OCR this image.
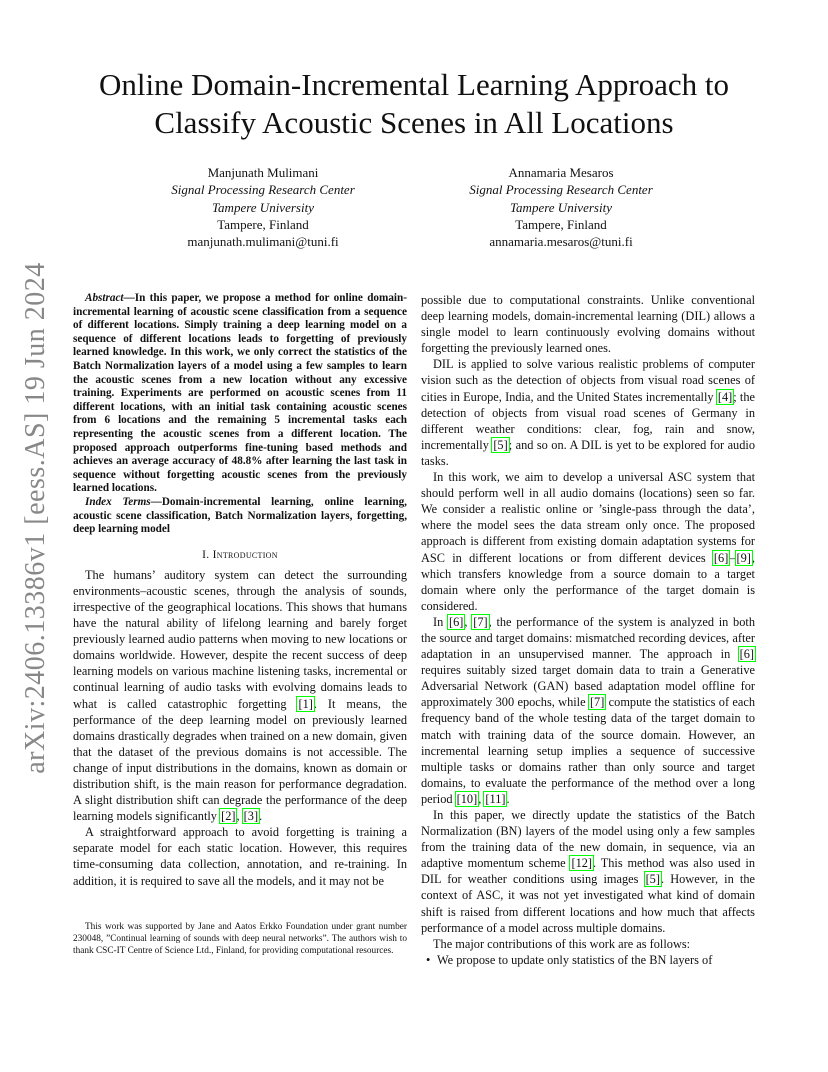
arXiv:2406.13386v1 [eess.AS] 19 Jun 2024
Online Domain-Incremental Learning Approach to Classify Acoustic Scenes in All Locations
Manjunath Mulimani
Signal Processing Research Center
Tampere University
Tampere, Finland
manjunath.mulimani@tuni.fi
Annamaria Mesaros
Signal Processing Research Center
Tampere University
Tampere, Finland
annamaria.mesaros@tuni.fi

Abstract—In this paper, we propose a method for online domain-incremental learning of acoustic scene classification from a sequence of different locations. Simply training a deep learning model on a sequence of different locations leads to forgetting of previously learned knowledge. In this work, we only correct the statistics of the Batch Normalization layers of a model using a few samples to learn the acoustic scenes from a new location without any excessive training. Experiments are performed on acoustic scenes from 11 different locations, with an initial task containing acoustic scenes from 6 locations and the remaining 5 incremental tasks each representing the acoustic scenes from a different location. The proposed approach outperforms fine-tuning based methods and achieves an average accuracy of 48.8% after learning the last task in sequence without forgetting acoustic scenes from the previously learned locations.

Index Terms—Domain-incremental learning, online learning, acoustic scene classification, Batch Normalization layers, forgetting, deep learning model

I. Introduction

The humans’ auditory system can detect the surrounding environments–acoustic scenes, through the analysis of sounds, irrespective of the geographical locations. This shows that humans have the natural ability of lifelong learning and barely forget previously learned audio patterns when moving to new locations or domains worldwide. However, despite the recent success of deep learning models on various machine listening tasks, incremental or continual learning of audio tasks with evolving domains leads to what is called catastrophic forgetting [1]. It means, the performance of the deep learning model on previously learned domains drastically degrades when trained on a new domain, given that the dataset of the previous domains is not accessible. The change of input distributions in the domains, known as domain or distribution shift, is the main reason for performance degradation. A slight distribution shift can degrade the performance of the deep learning models significantly [2], [3].

A straightforward approach to avoid forgetting is training a separate model for each static location. However, this requires time-consuming data collection, annotation, and re-training. In addition, it is required to save all the models, and it may not be

This work was supported by Jane and Aatos Erkko Foundation under grant number 230048, ”Continual learning of sounds with deep neural networks”. The authors wish to thank CSC-IT Centre of Science Ltd., Finland, for providing computational resources.

possible due to computational constraints. Unlike conventional deep learning models, domain-incremental learning (DIL) allows a single model to learn continuously evolving domains without forgetting the previously learned ones.

DIL is applied to solve various realistic problems of computer vision such as the detection of objects from visual road scenes of cities in Europe, India, and the United States incrementally [4]; the detection of objects from visual road scenes of Germany in different weather conditions: clear, fog, rain and snow, incrementally [5]; and so on. A DIL is yet to be explored for audio tasks.

In this work, we aim to develop a universal ASC system that should perform well in all audio domains (locations) seen so far. We consider a realistic online or ’single-pass through the data’, where the model sees the data stream only once. The proposed approach is different from existing domain adaptation systems for ASC in different locations or from different devices [6]–[9], which transfers knowledge from a source domain to a target domain where only the performance of the target domain is considered.

In [6], [7], the performance of the system is analyzed in both the source and target domains: mismatched recording devices, after adaptation in an unsupervised manner. The approach in [6] requires suitably sized target domain data to train a Generative Adversarial Network (GAN) based adaptation model offline for approximately 300 epochs, while [7] compute the statistics of each frequency band of the whole testing data of the target domain to match with training data of the source domain. However, an incremental learning setup implies a sequence of successive multiple tasks or domains rather than only source and target domains, to evaluate the performance of the method over a long period [10], [11].

In this paper, we directly update the statistics of the Batch Normalization (BN) layers of the model using only a few samples from the training data of the new domain, in sequence, via an adaptive momentum scheme [12]. This method was also used in DIL for weather conditions using images [5]. However, in the context of ASC, it was not yet investigated what kind of domain shift is raised from different locations and how much that affects performance of a model across multiple domains.

The major contributions of this work are as follows:

• We propose to update only statistics of the BN layers of
